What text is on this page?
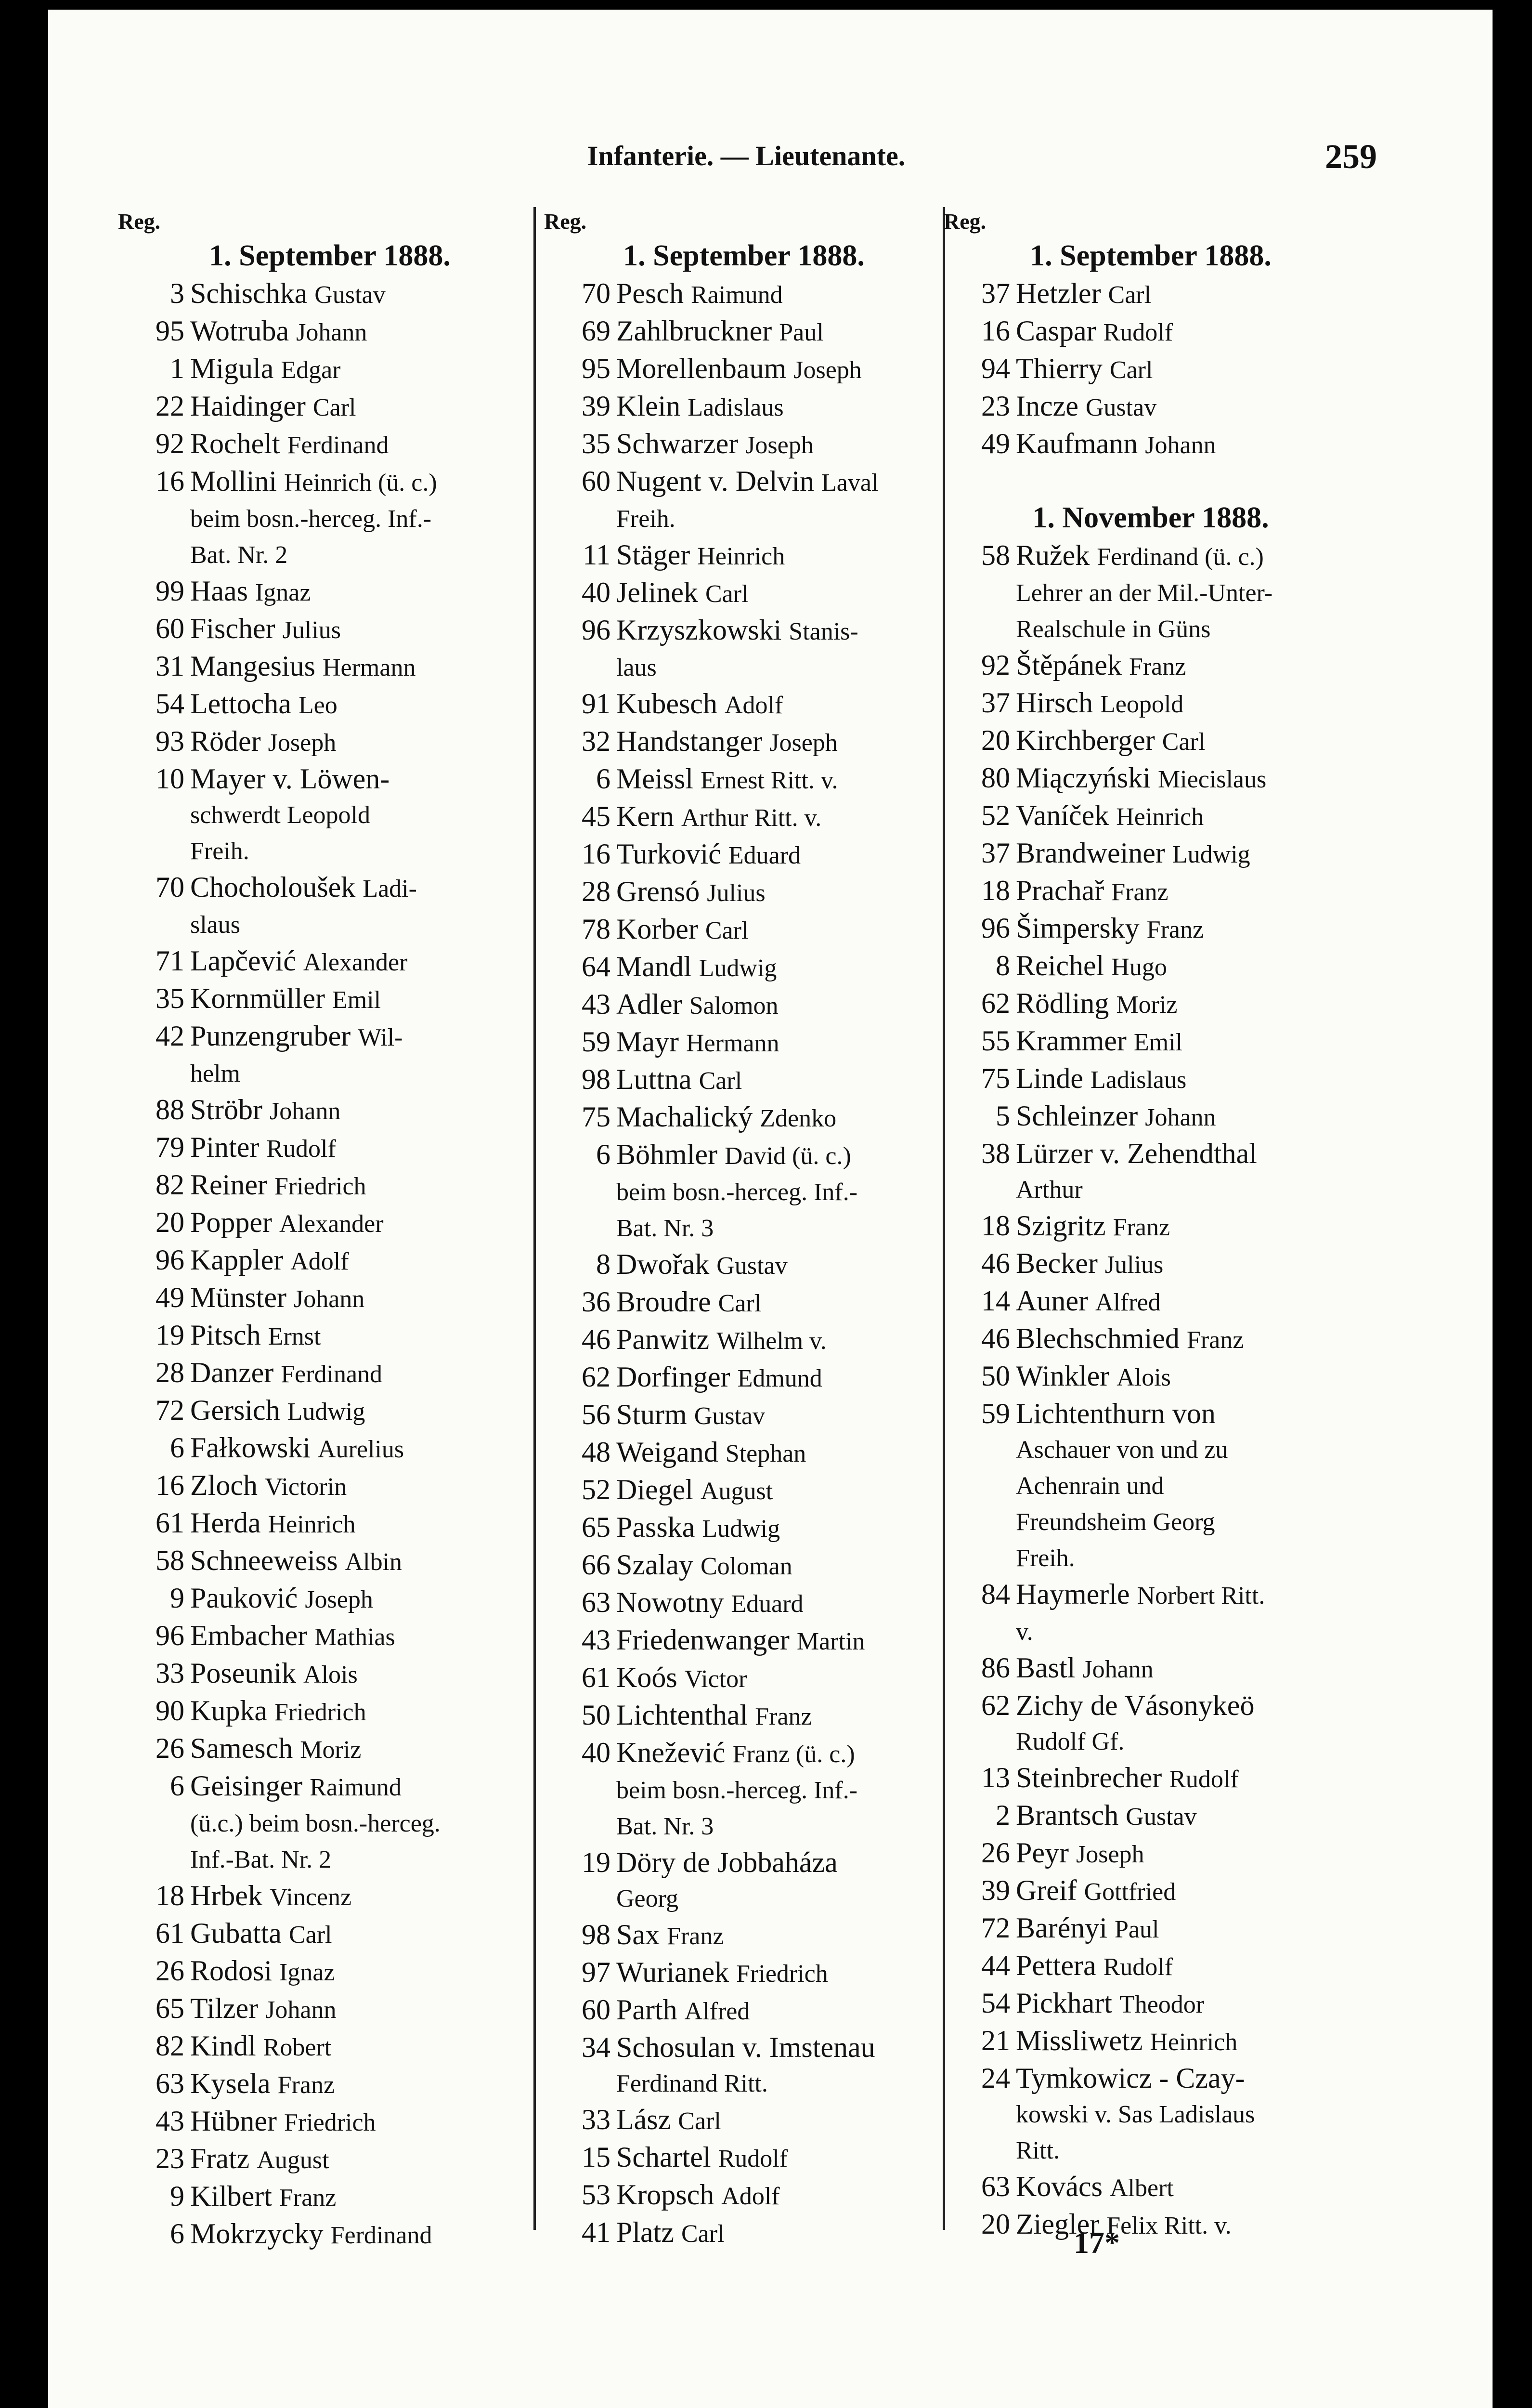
Infanterie. — Lieutenante.	259
Reg.
1. September 1888.
3 Schischka Gustav
95 Wotruba Johann
1 Migula Edgar
22 Haidinger Carl
92 Rochelt Ferdinand
16 Mollini Heinrich (ü. c.)
beim bosn.-herceg. Inf.-
Bat. Nr. 2
99 Haas Ignaz
60 Fischer Julius
31 Mangesius Hermann
54 Lettocha Leo
93 Röder Joseph
10 Mayer v. Löwen-
schwerdt Leopold
Freih.
70 Chocholoušek Ladi-
slaus
71 Lapčević Alexander
35 Kornmüller Emil
42 Punzengruber Wil-
helm
88 Ströbr Johann
79 Pinter Rudolf
82 Reiner Friedrich
20 Popper Alexander
96 Kappler Adolf
49 Münster Johann
19 Pitsch Ernst
28 Danzer Ferdinand
72 Gersich Ludwig
6 Fałkowski Aurelius
16 Zloch Victorin
61 Herda Heinrich
58 Schneeweiss Albin
9 Pauković Joseph
96 Embacher Mathias
33 Poseunik Alois
90 Kupka Friedrich
26 Samesch Moriz
6 Geisinger Raimund
(ü.c.) beim bosn.-herceg.
Inf.-Bat. Nr. 2
18 Hrbek Vincenz
61 Gubatta Carl
26 Rodosi Ignaz
65 Tilzer Johann
82 Kindl Robert
63 Kysela Franz
43 Hübner Friedrich
23 Fratz August
9 Kilbert Franz
6 Mokrzycky Ferdinand
Reg.
1. September 1888.
70 Pesch Raimund
69 Zahlbruckner Paul
95 Morellenbaum Joseph
39 Klein Ladislaus
35 Schwarzer Joseph
60 Nugent v. Delvin Laval
Freih.
11 Stäger Heinrich
40 Jelinek Carl
96 Krzyszkowski Stanis-
laus
91 Kubesch Adolf
32 Handstanger Joseph
6 Meissl Ernest Ritt. v.
45 Kern Arthur Ritt. v.
16 Turković Eduard
28 Grensó Julius
78 Korber Carl
64 Mandl Ludwig
43 Adler Salomon
59 Mayr Hermann
98 Luttna Carl
75 Machalický Zdenko
6 Böhmler David (ü. c.)
beim bosn.-herceg. Inf.-
Bat. Nr. 3
8 Dwořak Gustav
36 Broudre Carl
46 Panwitz Wilhelm v.
62 Dorfinger Edmund
56 Sturm Gustav
48 Weigand Stephan
52 Diegel August
65 Passka Ludwig
66 Szalay Coloman
63 Nowotny Eduard
43 Friedenwanger Martin
61 Koós Victor
50 Lichtenthal Franz
40 Knežević Franz (ü. c.)
beim bosn.-herceg. Inf.-
Bat. Nr. 3
19 Döry de Jobbaháza
Georg
98 Sax Franz
97 Wurianek Friedrich
60 Parth Alfred
34 Schosulan v. Imstenau
Ferdinand Ritt.
33 Lász Carl
15 Schartel Rudolf
53 Kropsch Adolf
41 Platz Carl
Reg.
1. September 1888.
37 Hetzler Carl
16 Caspar Rudolf
94 Thierry Carl
23 Incze Gustav
49 Kaufmann Johann
1. November 1888.
58 Ružek Ferdinand (ü. c.)
Lehrer an der Mil.-Unter-
Realschule in Güns
92 Štěpánek Franz
37 Hirsch Leopold
20 Kirchberger Carl
80 Miączyński Miecislaus
52 Vaníček Heinrich
37 Brandweiner Ludwig
18 Prachař Franz
96 Šimpersky Franz
8 Reichel Hugo
62 Rödling Moriz
55 Krammer Emil
75 Linde Ladislaus
5 Schleinzer Johann
38 Lürzer v. Zehendthal
Arthur
18 Szigritz Franz
46 Becker Julius
14 Auner Alfred
46 Blechschmied Franz
50 Winkler Alois
59 Lichtenthurn von
Aschauer von und zu
Achenrain und
Freundsheim Georg
Freih.
84 Haymerle Norbert Ritt.
v.
86 Bastl Johann
62 Zichy de Vásonykeö
Rudolf Gf.
13 Steinbrecher Rudolf
2 Brantsch Gustav
26 Peyr Joseph
39 Greif Gottfried
72 Barényi Paul
44 Pettera Rudolf
54 Pickhart Theodor
21 Missliwetz Heinrich
24 Tymkowicz - Czay-
kowski v. Sas Ladislaus
Ritt.
63 Kovács Albert
20 Ziegler Felix Ritt. v.
17*
